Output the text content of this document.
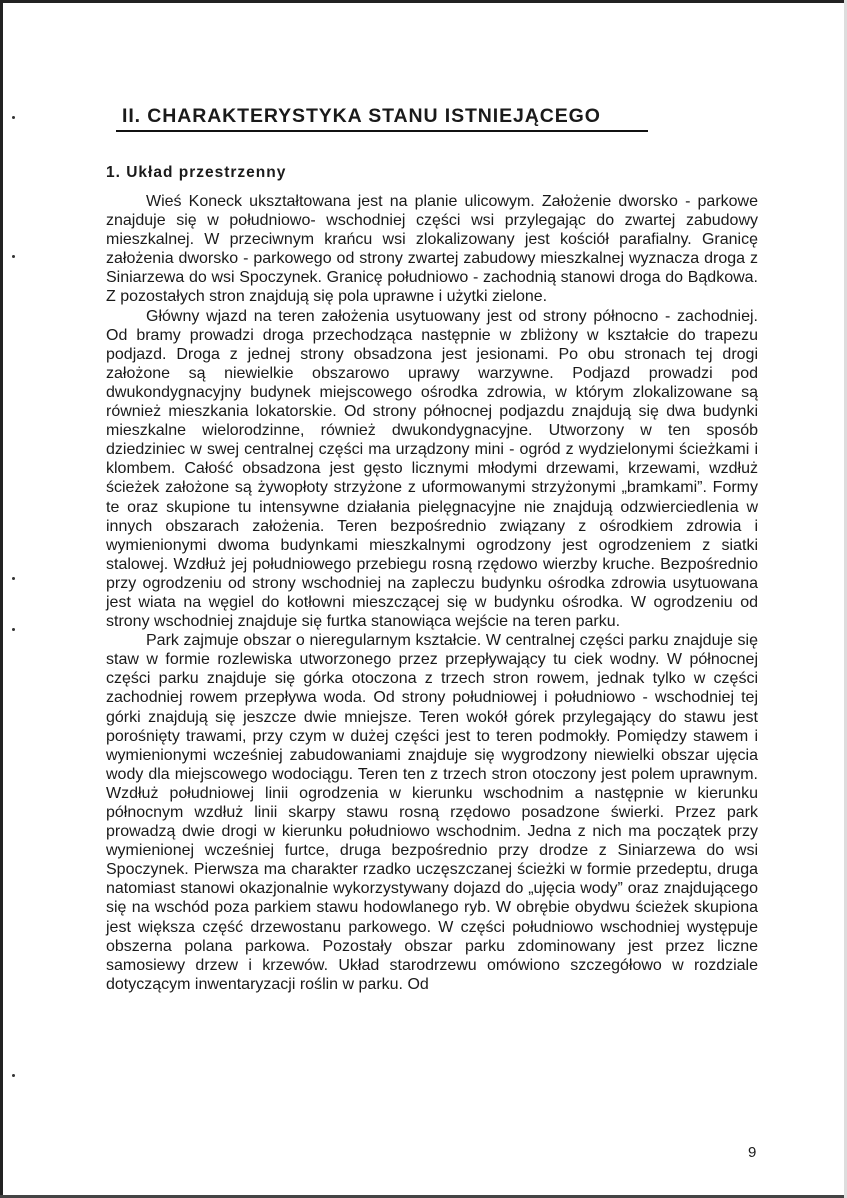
II. CHARAKTERYSTYKA STANU ISTNIEJĄCEGO
1. Układ przestrzenny

Wieś Koneck ukształtowana jest na planie ulicowym. Założenie dworsko - parkowe znajduje się w południowo- wschodniej części wsi przylegając do zwartej zabudowy mieszkalnej. W przeciwnym krańcu wsi zlokalizowany jest kościół parafialny. Granicę założenia dworsko - parkowego od strony zwartej zabudowy mieszkalnej wyznacza droga z Siniarzewa do wsi Spoczynek. Granicę południowo - zachodnią stanowi droga do Bądkowa. Z pozostałych stron znajdują się pola uprawne i użytki zielone.

Główny wjazd na teren założenia usytuowany jest od strony północno - zachodniej. Od bramy prowadzi droga przechodząca następnie w zbliżony w kształcie do trapezu podjazd. Droga z jednej strony obsadzona jest jesionami. Po obu stronach tej drogi założone są niewielkie obszarowo uprawy warzywne. Podjazd prowadzi pod dwukondygnacyjny budynek miejscowego ośrodka zdrowia, w którym zlokalizowane są również mieszkania lokatorskie. Od strony północnej podjazdu znajdują się dwa budynki mieszkalne wielorodzinne, również dwukondygnacyjne. Utworzony w ten sposób dziedziniec w swej centralnej części ma urządzony mini - ogród z wydzielonymi ścieżkami i klombem. Całość obsadzona jest gęsto licznymi młodymi drzewami, krzewami, wzdłuż ścieżek założone są żywopłoty strzyżone z uformowanymi strzyżonymi „bramkami”. Formy te oraz skupione tu intensywne działania pielęgnacyjne nie znajdują odzwierciedlenia w innych obszarach założenia. Teren bezpośrednio związany z ośrodkiem zdrowia i wymienionymi dwoma budynkami mieszkalnymi ogrodzony jest ogrodzeniem z siatki stalowej. Wzdłuż jej południowego przebiegu rosną rzędowo wierzby kruche. Bezpośrednio przy ogrodzeniu od strony wschodniej na zapleczu budynku ośrodka zdrowia usytuowana jest wiata na węgiel do kotłowni mieszczącej się w budynku ośrodka. W ogrodzeniu od strony wschodniej znajduje się furtka stanowiąca wejście na teren parku.

Park zajmuje obszar o nieregularnym kształcie. W centralnej części parku znajduje się staw w formie rozlewiska utworzonego przez przepływający tu ciek wodny. W północnej części parku znajduje się górka otoczona z trzech stron rowem, jednak tylko w części zachodniej rowem przepływa woda. Od strony południowej i południowo - wschodniej tej górki znajdują się jeszcze dwie mniejsze. Teren wokół górek przylegający do stawu jest porośnięty trawami, przy czym w dużej części jest to teren podmokły. Pomiędzy stawem i wymienionymi wcześniej zabudowaniami znajduje się wygrodzony niewielki obszar ujęcia wody dla miejscowego wodociągu. Teren ten z trzech stron otoczony jest polem uprawnym. Wzdłuż południowej linii ogrodzenia w kierunku wschodnim a następnie w kierunku północnym wzdłuż linii skarpy stawu rosną rzędowo posadzone świerki. Przez park prowadzą dwie drogi w kierunku południowo wschodnim. Jedna z nich ma początek przy wymienionej wcześniej furtce, druga bezpośrednio przy drodze z Siniarzewa do wsi Spoczynek. Pierwsza ma charakter rzadko uczęszczanej ścieżki w formie przedeptu, druga natomiast stanowi okazjonalnie wykorzystywany dojazd do „ujęcia wody” oraz znajdującego się na wschód poza parkiem stawu hodowlanego ryb. W obrębie obydwu ścieżek skupiona jest większa część drzewostanu parkowego. W części południowo wschodniej występuje obszerna polana parkowa. Pozostały obszar parku zdominowany jest przez liczne samosiewy drzew i krzewów. Układ starodrzewu omówiono szczegółowo w rozdziale dotyczącym inwentaryzacji roślin w parku. Od

9
